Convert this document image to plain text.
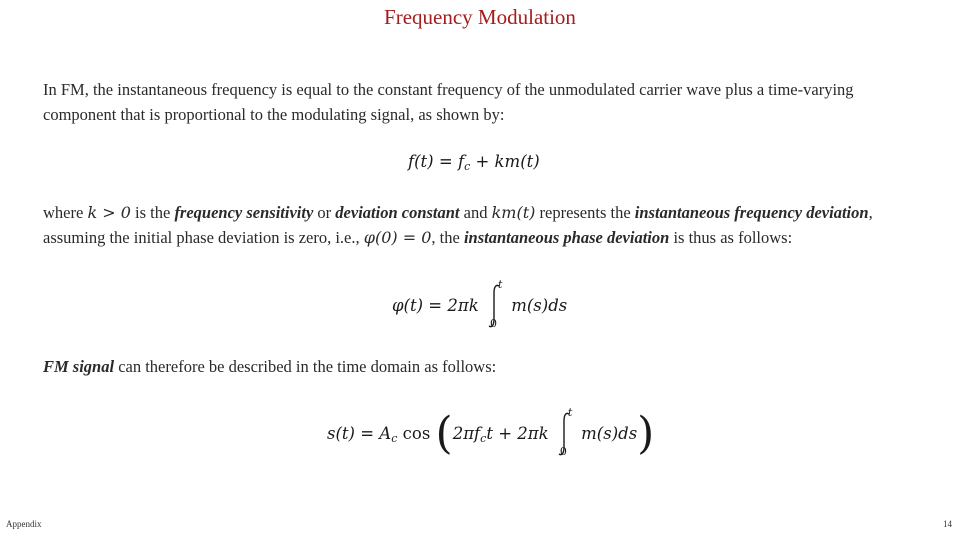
Frequency Modulation
In FM, the instantaneous frequency is equal to the constant frequency of the unmodulated carrier wave plus a time-varying component that is proportional to the modulating signal, as shown by:
$f(t) = f_c + km(t)$
where k > 0 is the frequency sensitivity or deviation constant and km(t) represents the instantaneous frequency deviation, assuming the initial phase deviation is zero, i.e., φ(0) = 0, the instantaneous phase deviation is thus as follows:
φ(t) = 2πk
t
0
m(s)ds
FM signal can therefore be described in the time domain as follows:
$s(t) = A_c$ $\cos (2\pi f_ct + 2\pi k$
t
0
m(s)ds)
Appendix	14
